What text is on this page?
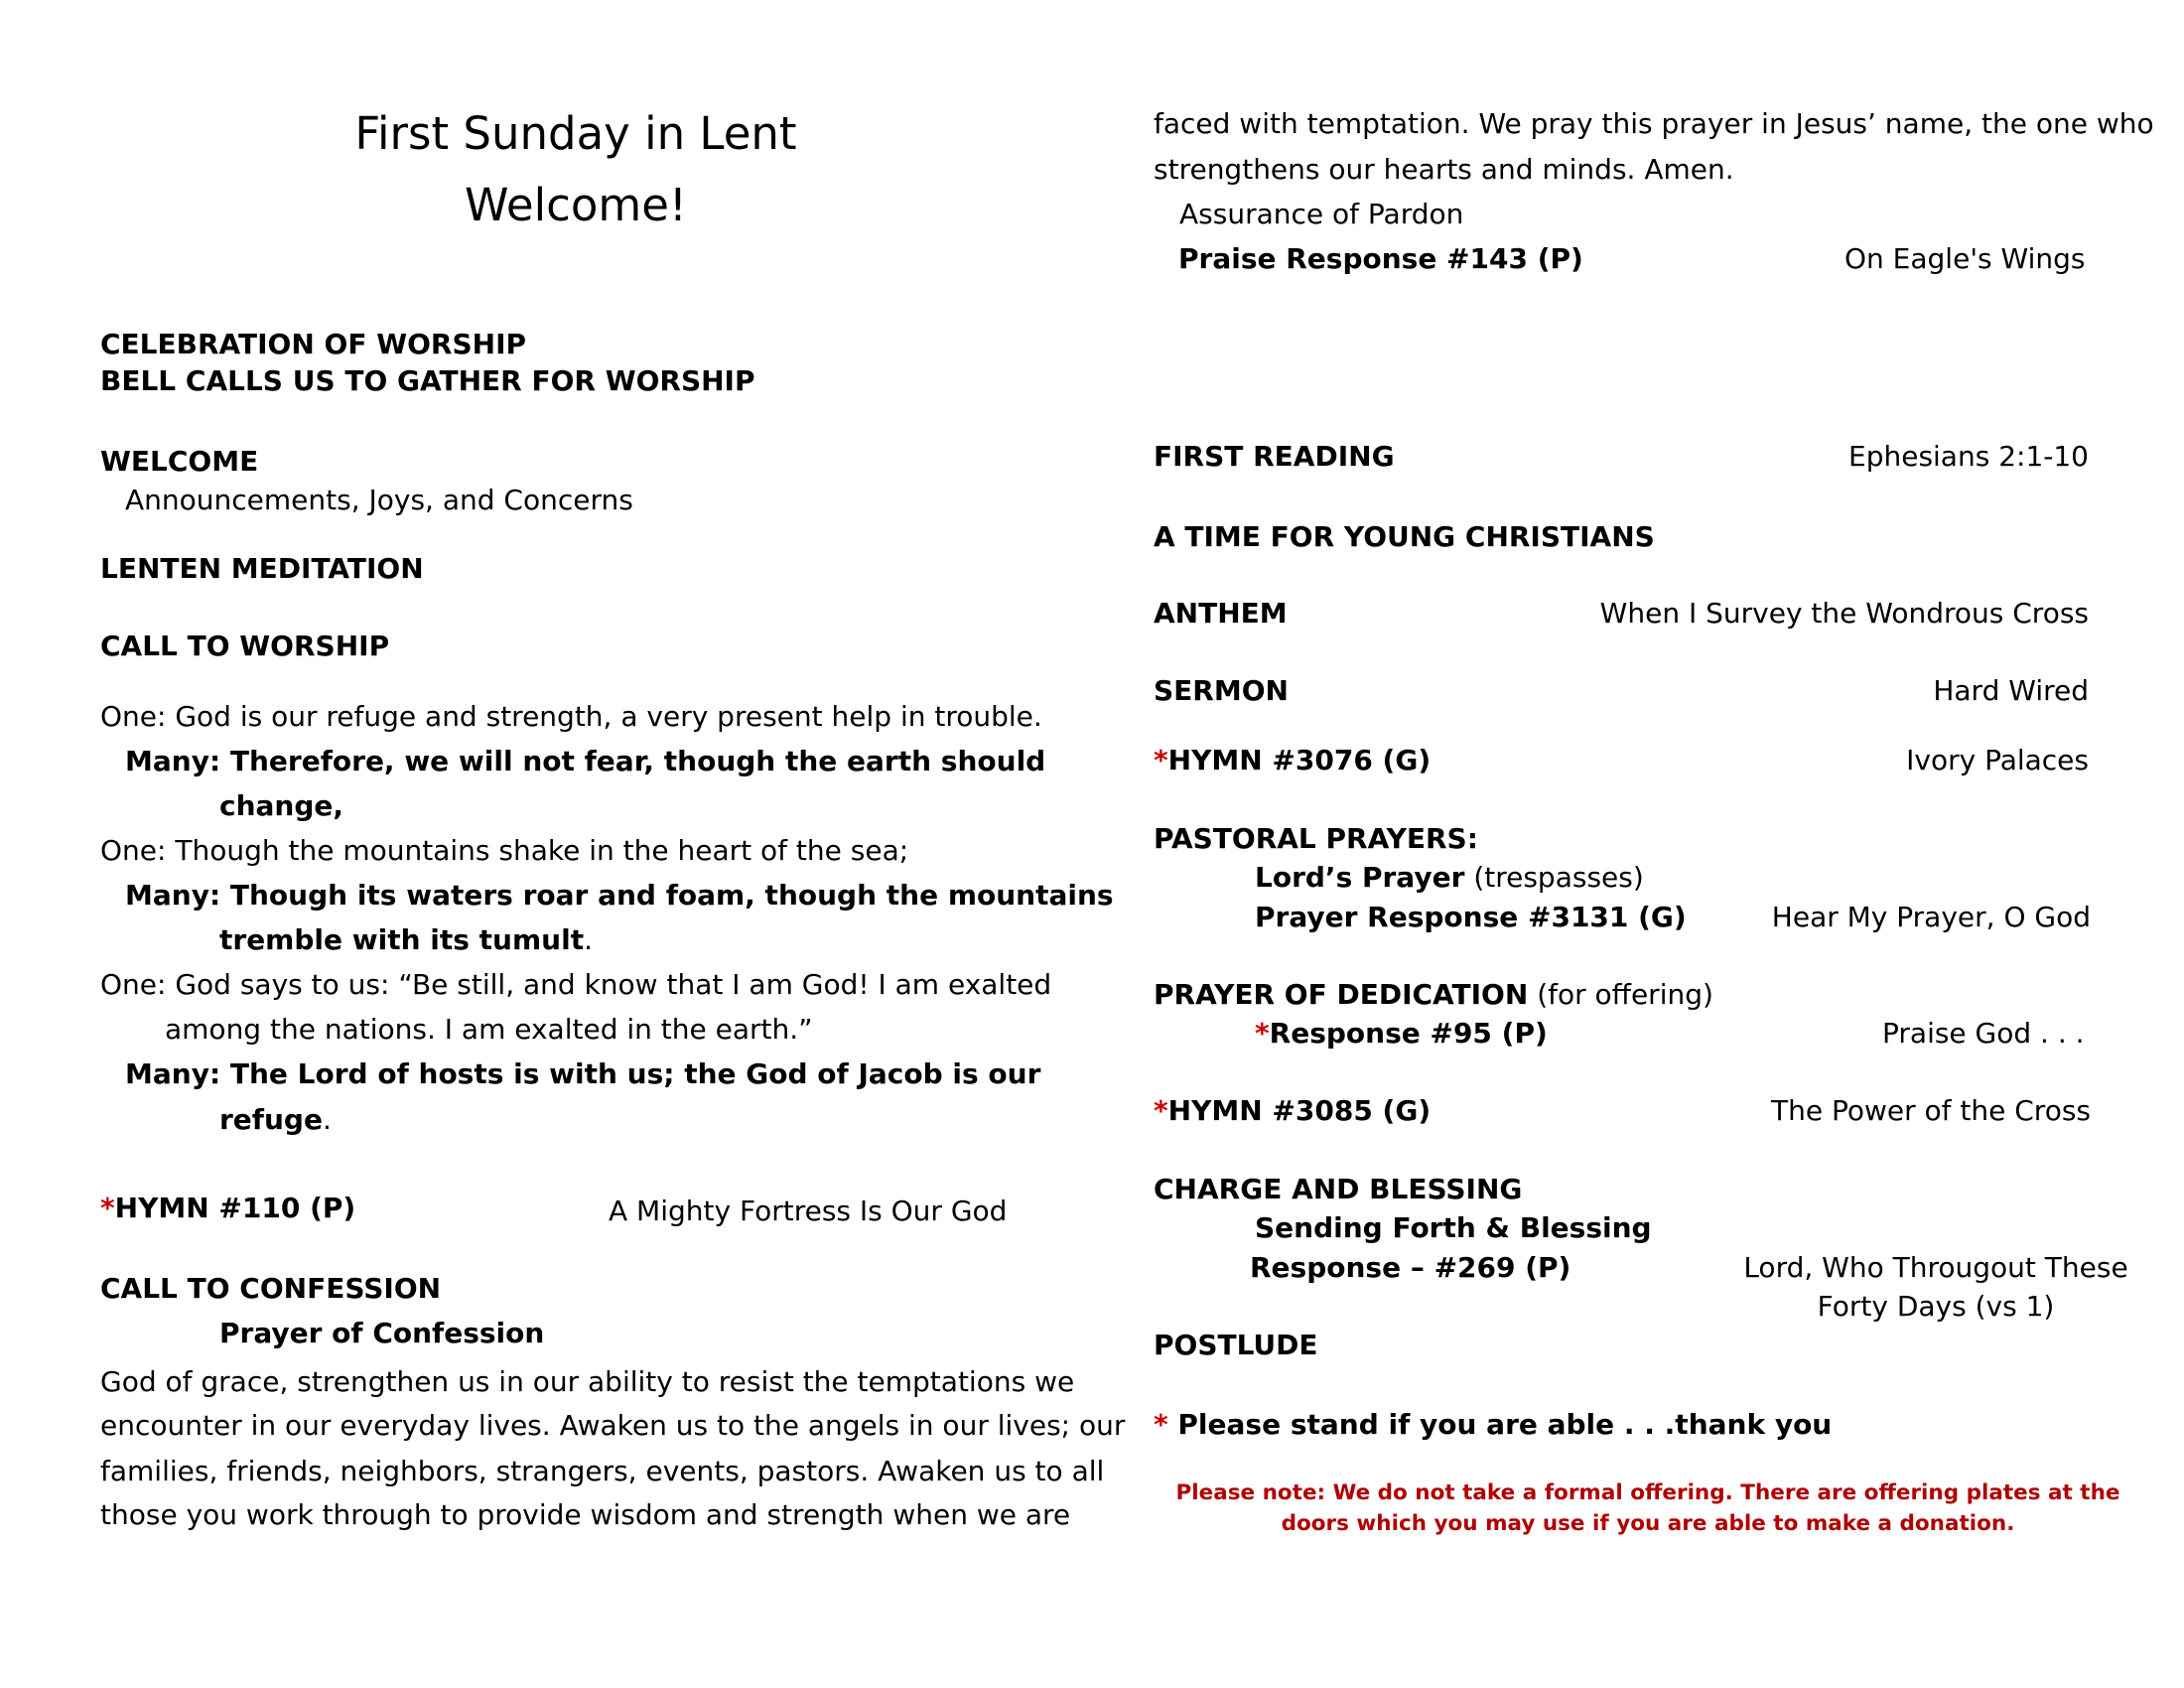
First Sunday in Lent
Welcome!
CELEBRATION OF WORSHIP
BELL CALLS US TO GATHER FOR WORSHIP
WELCOME
Announcements, Joys, and Concerns
LENTEN MEDITATION
CALL TO WORSHIP
One: God is our refuge and strength, a very present help in trouble.
Many: Therefore, we will not fear, though the earth should
change,
One: Though the mountains shake in the heart of the sea;
Many: Though its waters roar and foam, though the mountains
tremble with its tumult.
One: God says to us: “Be still, and know that I am God! I am exalted
among the nations. I am exalted in the earth.”
Many: The Lord of hosts is with us; the God of Jacob is our
refuge.
*HYMN #110 (P)	A Mighty Fortress Is Our God
CALL TO CONFESSION
Prayer of Confession
God of grace, strengthen us in our ability to resist the temptations we
encounter in our everyday lives. Awaken us to the angels in our lives; our
families, friends, neighbors, strangers, events, pastors. Awaken us to all
those you work through to provide wisdom and strength when we are
faced with temptation. We pray this prayer in Jesus’ name, the one who
strengthens our hearts and minds. Amen.
Assurance of Pardon
Praise Response #143 (P)	On Eagle's Wings
FIRST READING	Ephesians 2:1-10
A TIME FOR YOUNG CHRISTIANS
ANTHEM	When I Survey the Wondrous Cross
SERMON	Hard Wired
*HYMN #3076 (G)	Ivory Palaces
PASTORAL PRAYERS:
Lord’s Prayer (trespasses)
Prayer Response #3131 (G)	Hear My Prayer, O God
PRAYER OF DEDICATION (for offering)
*Response #95 (P)	Praise God . . .
*HYMN #3085 (G)	The Power of the Cross
CHARGE AND BLESSING
Sending Forth & Blessing
Response – #269 (P)	Lord, Who Througout These
Forty Days (vs 1)
POSTLUDE
* Please stand if you are able . . .thank you
Please note: We do not take a formal offering. There are offering plates at the
doors which you may use if you are able to make a donation.
